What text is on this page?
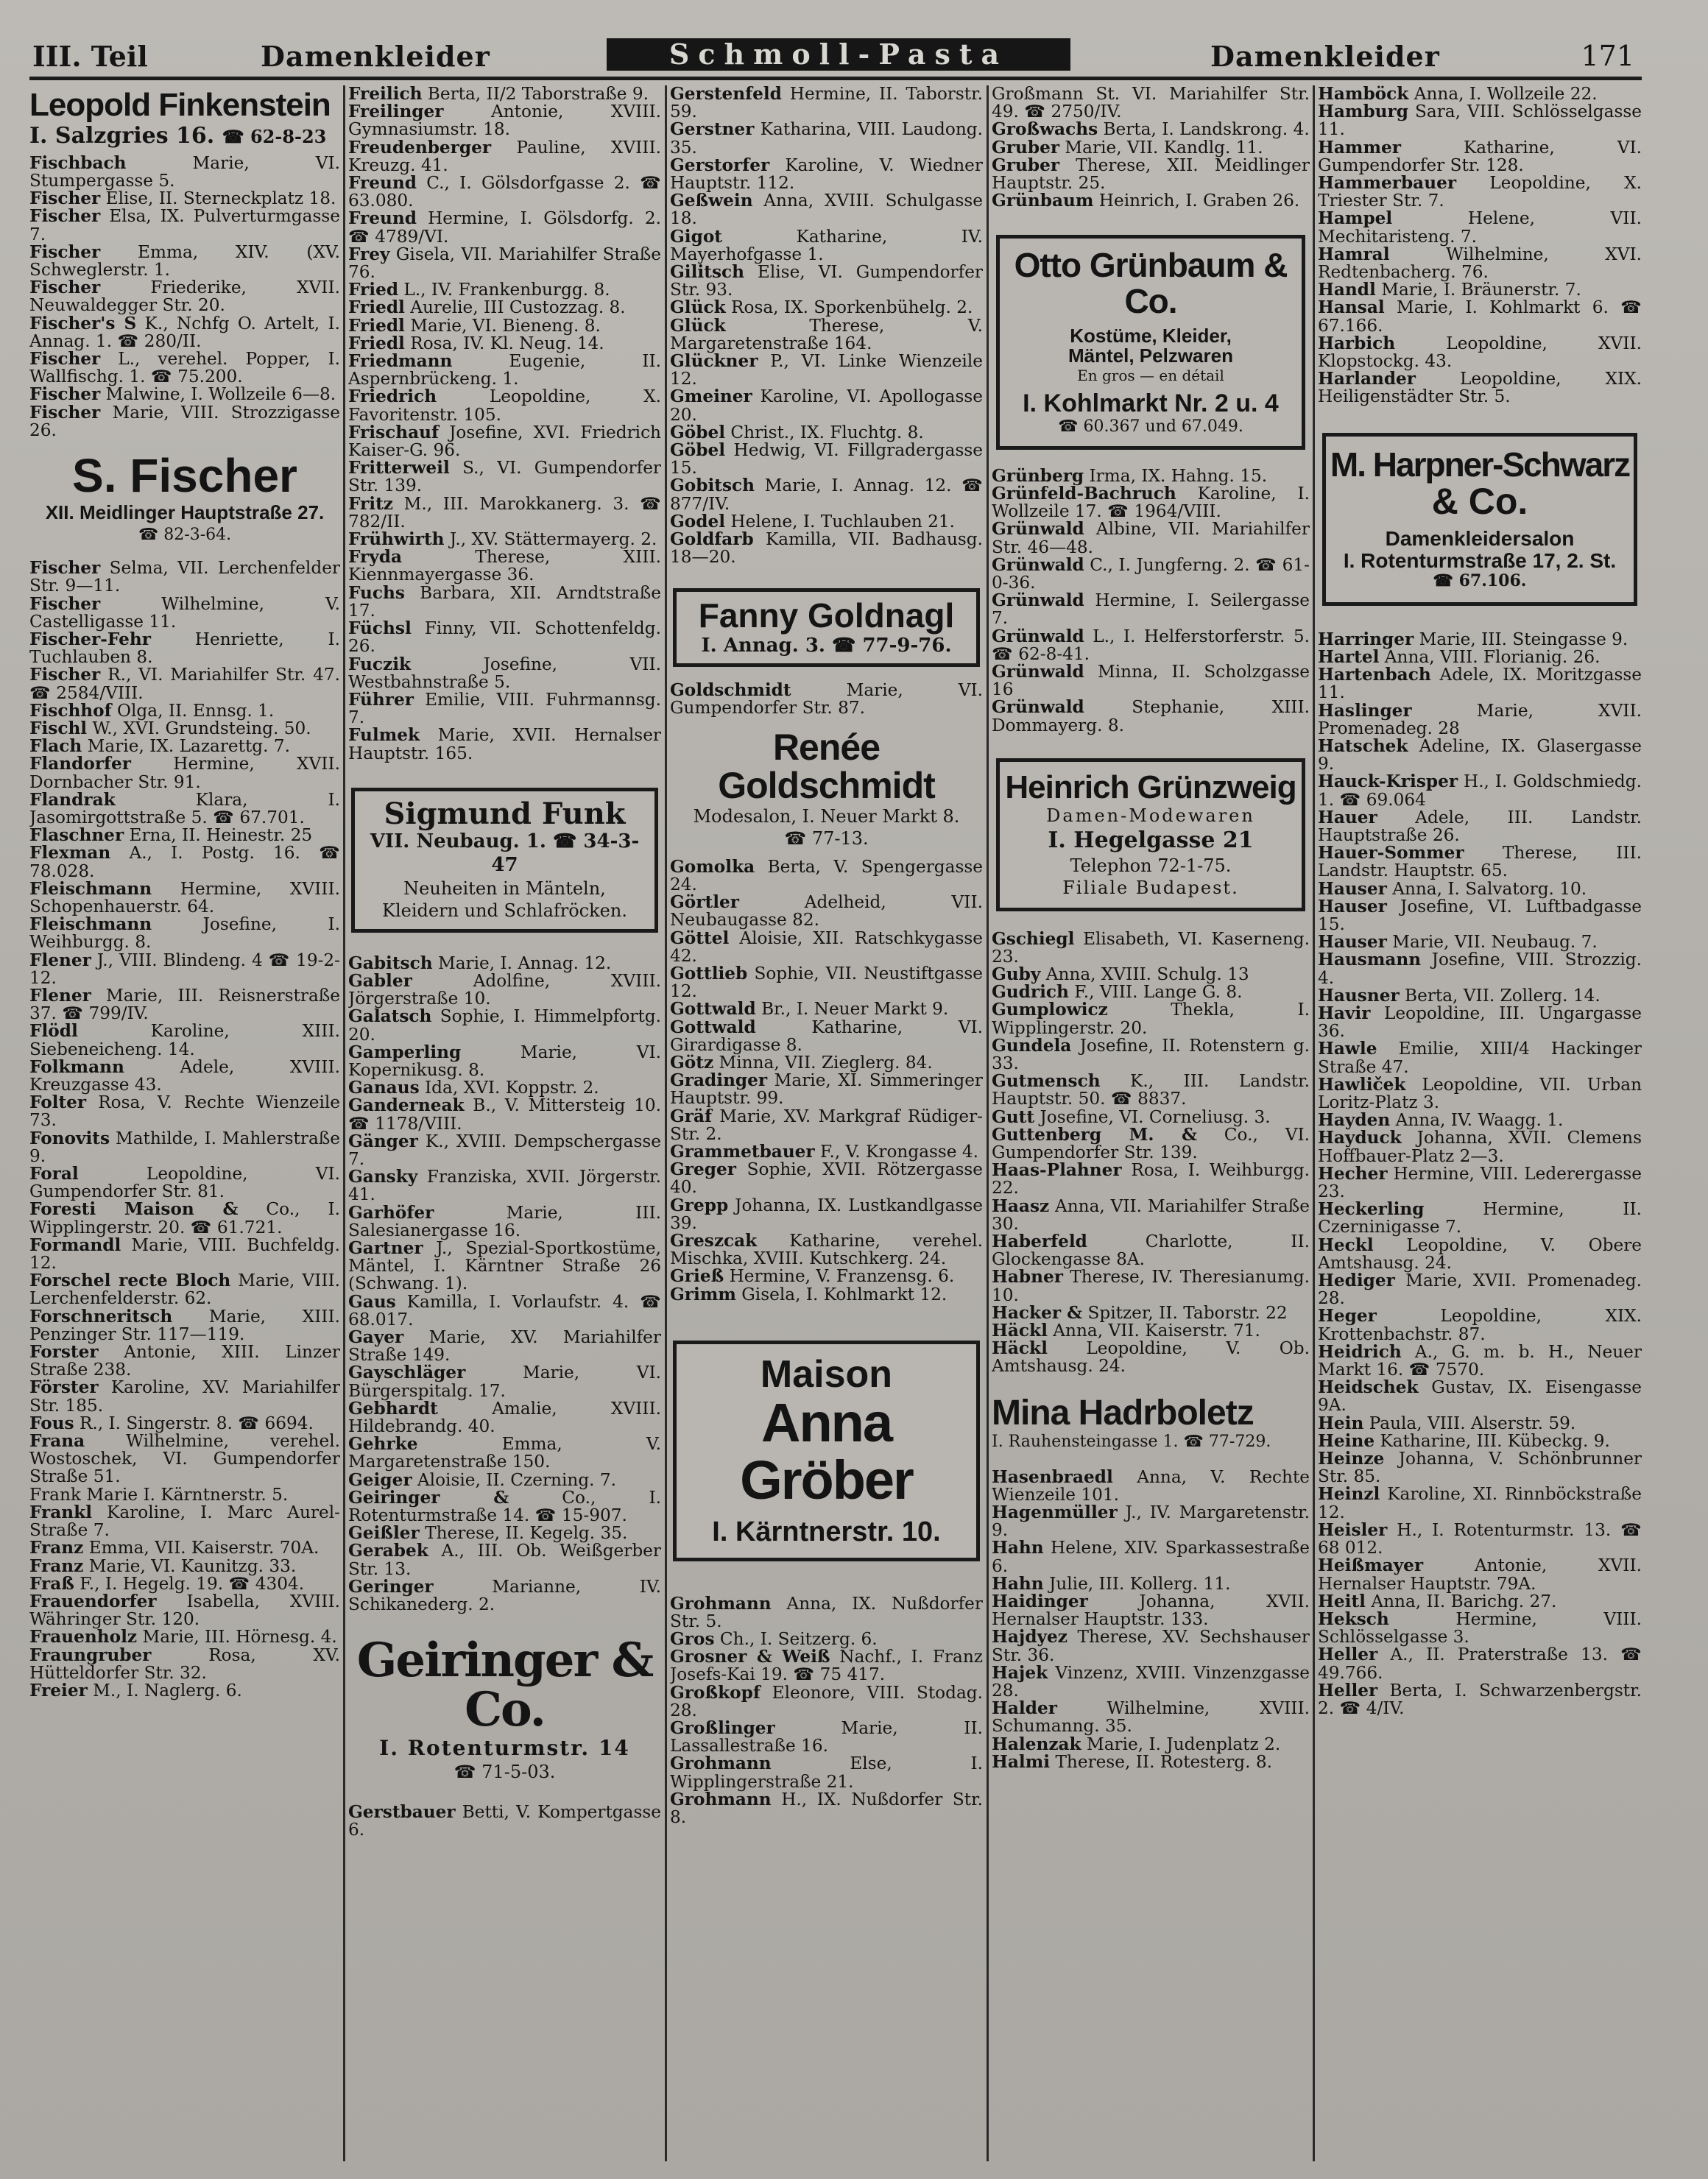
III. Teil	Damenkleider	Schmoll-Pasta	Damenkleider	171
Leopold Finkenstein
I. Salzgries 16. ☎ 62-8-23

Fischbach Marie, VI. Stumpergasse 5.

Fischer Elise, II. Sterneckplatz 18.

Fischer Elsa, IX. Pulverturmgasse 7.

Fischer Emma, XIV. (XV. Schweglerstr. 1.

Fischer Friederike, XVII. Neuwaldegger Str. 20.

Fischer's S K., Nchfg O. Artelt, I. Annag. 1. ☎ 280/II.

Fischer L., verehel. Popper, I. Wallfischg. 1. ☎ 75.200.

Fischer Malwine, I. Wollzeile 6—8.

Fischer Marie, VIII. Strozzigasse 26.

S. Fischer
XII. Meidlinger Hauptstraße 27.
☎ 82-3-64.

Fischer Selma, VII. Lerchenfelder Str. 9—11.

Fischer Wilhelmine, V. Castelligasse 11.

Fischer-Fehr Henriette, I. Tuchlauben 8.

Fischer R., VI. Mariahilfer Str. 47. ☎ 2584/VIII.

Fischhof Olga, II. Ennsg. 1.

Fischl W., XVI. Grundsteing. 50.

Flach Marie, IX. Lazarettg. 7.

Flandorfer Hermine, XVII. Dornbacher Str. 91.

Flandrak Klara, I. Jasomirgottstraße 5. ☎ 67.701.

Flaschner Erna, II. Heinestr. 25

Flexman A., I. Postg. 16. ☎ 78.028.

Fleischmann Hermine, XVIII. Schopenhauerstr. 64.

Fleischmann Josefine, I. Weihburgg. 8.

Flener J., VIII. Blindeng. 4 ☎ 19-2-12.

Flener Marie, III. Reisnerstraße 37. ☎ 799/IV.

Flödl Karoline, XIII. Siebeneicheng. 14.

Folkmann Adele, XVIII. Kreuzgasse 43.

Folter Rosa, V. Rechte Wienzeile 73.

Fonovits Mathilde, I. Mahlerstraße 9.

Foral Leopoldine, VI. Gumpendorfer Str. 81.

Foresti Maison & Co., I. Wipplingerstr. 20. ☎ 61.721.

Formandl Marie, VIII. Buchfeldg. 12.

Forschel recte Bloch Marie, VIII. Lerchenfelderstr. 62.

Forschneritsch Marie, XIII. Penzinger Str. 117—119.

Forster Antonie, XIII. Linzer Straße 238.

Förster Karoline, XV. Mariahilfer Str. 185.

Fous R., I. Singerstr. 8. ☎ 6694.

Frana Wilhelmine, verehel. Wostoschek, VI. Gumpendorfer Straße 51.

Frank Marie I. Kärntnerstr. 5.

Frankl Karoline, I. Marc Aurel-Straße 7.

Franz Emma, VII. Kaiserstr. 70A.

Franz Marie, VI. Kaunitzg. 33.

Fraß F., I. Hegelg. 19. ☎ 4304.

Frauendorfer Isabella, XVIII. Währinger Str. 120.

Frauenholz Marie, III. Hörnesg. 4.

Fraungruber Rosa, XV. Hütteldorfer Str. 32.

Freier M., I. Naglerg. 6.

Freilich Berta, II/2 Taborstraße 9.

Freilinger Antonie, XVIII. Gymnasiumstr. 18.

Freudenberger Pauline, XVIII. Kreuzg. 41.

Freund C., I. Gölsdorfgasse 2. ☎ 63.080.

Freund Hermine, I. Gölsdorfg. 2. ☎ 4789/VI.

Frey Gisela, VII. Mariahilfer Straße 76.

Fried L., IV. Frankenburgg. 8.

Friedl Aurelie, III Custozzag. 8.

Friedl Marie, VI. Bieneng. 8.

Friedl Rosa, IV. Kl. Neug. 14.

Friedmann Eugenie, II. Aspernbrückeng. 1.

Friedrich Leopoldine, X. Favoritenstr. 105.

Frischauf Josefine, XVI. Friedrich Kaiser-G. 96.

Fritterweil S., VI. Gumpendorfer Str. 139.

Fritz M., III. Marokkanerg. 3. ☎ 782/II.

Frühwirth J., XV. Stättermayerg. 2.

Fryda Therese, XIII. Kiennmayergasse 36.

Fuchs Barbara, XII. Arndtstraße 17.

Füchsl Finny, VII. Schottenfeldg. 26.

Fuczik Josefine, VII. Westbahnstraße 5.

Führer Emilie, VIII. Fuhrmannsg. 7.

Fulmek Marie, XVII. Hernalser Hauptstr. 165.

Sigmund Funk
VII. Neubaug. 1. ☎ 34-3-47
Neuheiten in Mänteln,
Kleidern und Schlafröcken.

Gabitsch Marie, I. Annag. 12.

Gabler Adolfine, XVIII. Jörgerstraße 10.

Galatsch Sophie, I. Himmelpfortg. 20.

Gamperling Marie, VI. Kopernikusg. 8.

Ganaus Ida, XVI. Koppstr. 2.

Ganderneak B., V. Mittersteig 10. ☎ 1178/VIII.

Gänger K., XVIII. Dempschergasse 7.

Gansky Franziska, XVII. Jörgerstr. 41.

Garhöfer Marie, III. Salesianergasse 16.

Gartner J., Spezial-Sportkostüme, Mäntel, I. Kärntner Straße 26 (Schwang. 1).

Gaus Kamilla, I. Vorlaufstr. 4. ☎ 68.017.

Gayer Marie, XV. Mariahilfer Straße 149.

Gayschläger Marie, VI. Bürgerspitalg. 17.

Gebhardt Amalie, XVIII. Hildebrandg. 40.

Gehrke Emma, V. Margaretenstraße 150.

Geiger Aloisie, II. Czerning. 7.

Geiringer & Co., I. Rotenturmstraße 14. ☎ 15-907.

Geißler Therese, II. Kegelg. 35.

Gerabek A., III. Ob. Weißgerber Str. 13.

Geringer Marianne, IV. Schikanederg. 2.

Geiringer & Co.
I. Rotenturmstr. 14
☎ 71-5-03.

Gerstbauer Betti, V. Kompertgasse 6.

Gerstenfeld Hermine, II. Taborstr. 59.

Gerstner Katharina, VIII. Laudong. 35.

Gerstorfer Karoline, V. Wiedner Hauptstr. 112.

Geßwein Anna, XVIII. Schulgasse 18.

Gigot Katharine, IV. Mayerhofgasse 1.

Gilitsch Elise, VI. Gumpendorfer Str. 93.

Glück Rosa, IX. Sporkenbühelg. 2.

Glück Therese, V. Margaretenstraße 164.

Glückner P., VI. Linke Wienzeile 12.

Gmeiner Karoline, VI. Apollogasse 20.

Göbel Christ., IX. Fluchtg. 8.

Göbel Hedwig, VI. Fillgradergasse 15.

Gobitsch Marie, I. Annag. 12. ☎ 877/IV.

Godel Helene, I. Tuchlauben 21.

Goldfarb Kamilla, VII. Badhausg. 18—20.

Fanny Goldnagl
I. Annag. 3. ☎ 77-9-76.

Goldschmidt Marie, VI. Gumpendorfer Str. 87.

Renée Goldschmidt
Modesalon, I. Neuer Markt 8.
☎ 77-13.

Gomolka Berta, V. Spengergasse 24.

Görtler Adelheid, VII. Neubaugasse 82.

Göttel Aloisie, XII. Ratschkygasse 42.

Gottlieb Sophie, VII. Neustiftgasse 12.

Gottwald Br., I. Neuer Markt 9.

Gottwald Katharine, VI. Girardigasse 8.

Götz Minna, VII. Zieglerg. 84.

Gradinger Marie, XI. Simmeringer Hauptstr. 99.

Gräf Marie, XV. Markgraf Rüdiger-Str. 2.

Grammetbauer F., V. Krongasse 4.

Greger Sophie, XVII. Rötzergasse 40.

Grepp Johanna, IX. Lustkandlgasse 39.

Greszcak Katharine, verehel. Mischka, XVIII. Kutschkerg. 24.

Grieß Hermine, V. Franzensg. 6.

Grimm Gisela, I. Kohlmarkt 12.

Maison
Anna Gröber
I. Kärntnerstr. 10.

Grohmann Anna, IX. Nußdorfer Str. 5.

Gros Ch., I. Seitzerg. 6.

Grosner & Weiß Nachf., I. Franz Josefs-Kai 19. ☎ 75 417.

Großkopf Eleonore, VIII. Stodag. 28.

Großlinger Marie, II. Lassallestraße 16.

Grohmann Else, I. Wipplingerstraße 21.

Grohmann H., IX. Nußdorfer Str. 8.

Großmann St. VI. Mariahilfer Str. 49. ☎ 2750/IV.

Großwachs Berta, I. Landskrong. 4.

Gruber Marie, VII. Kandlg. 11.

Gruber Therese, XII. Meidlinger Hauptstr. 25.

Grünbaum Heinrich, I. Graben 26.

Otto Grünbaum & Co.
Kostüme, Kleider,
Mäntel, Pelzwaren
En gros — en détail
I. Kohlmarkt Nr. 2 u. 4
☎ 60.367 und 67.049.

Grünberg Irma, IX. Hahng. 15.

Grünfeld-Bachruch Karoline, I. Wollzeile 17. ☎ 1964/VIII.

Grünwald Albine, VII. Mariahilfer Str. 46—48.

Grünwald C., I. Jungferng. 2. ☎ 61-0-36.

Grünwald Hermine, I. Seilergasse 7.

Grünwald L., I. Helferstorferstr. 5. ☎ 62-8-41.

Grünwald Minna, II. Scholzgasse 16

Grünwald Stephanie, XIII. Dommayerg. 8.

Heinrich Grünzweig
Damen-Modewaren
I. Hegelgasse 21
Telephon 72-1-75.
Filiale Budapest.

Gschiegl Elisabeth, VI. Kasernеng. 23.

Guby Anna, XVIII. Schulg. 13

Gudrich F., VIII. Lange G. 8.

Gumplowicz Thekla, I. Wipplingerstr. 20.

Gundela Josefine, II. Rotenstern g. 33.

Gutmensch K., III. Landstr. Hauptstr. 50. ☎ 8837.

Gutt Josefine, VI. Corneliusg. 3.

Guttenberg M. & Co., VI. Gumpendorfer Str. 139.

Haas-Plahner Rosa, I. Weihburgg. 22.

Haasz Anna, VII. Mariahilfer Straße 30.

Haberfeld Charlotte, II. Glockengasse 8A.

Habner Therese, IV. Theresianumg. 10.

Hacker & Spitzer, II. Taborstr. 22

Häckl Anna, VII. Kaiserstr. 71.

Häckl Leopoldine, V. Ob. Amtshausg. 24.

Mina Hadrboletz
I. Rauhensteingasse 1. ☎ 77-729.

Hasenbraedl Anna, V. Rechte Wienzeile 101.

Hagenmüller J., IV. Margaretenstr. 9.

Hahn Helene, XIV. Sparkassestraße 6.

Hahn Julie, III. Kollerg. 11.

Haidinger Johanna, XVII. Hernalser Hauptstr. 133.

Hajdyez Therese, XV. Sechshauser Str. 36.

Hajek Vinzenz, XVIII. Vinzenzgasse 28.

Halder Wilhelmine, XVIII. Schumanng. 35.

Halenzak Marie, I. Judenplatz 2.

Halmi Therese, II. Rotesterg. 8.

Hamböck Anna, I. Wollzeile 22.

Hamburg Sara, VIII. Schlösselgasse 11.

Hammer Katharine, VI. Gumpendorfer Str. 128.

Hammerbauer Leopoldine, X. Triester Str. 7.

Hampel Helene, VII. Mechitaristeng. 7.

Hamral Wilhelmine, XVI. Redtenbacherg. 76.

Handl Marie, I. Bräunerstr. 7.

Hansal Marie, I. Kohlmarkt 6. ☎ 67.166.

Harbich Leopoldine, XVII. Klopstockg. 43.

Harlander Leopoldine, XIX. Heiligenstädter Str. 5.

M. Harpner-Schwarz
& Co.
Damenkleidersalon
I. Rotenturmstraße 17, 2. St.
☎ 67.106.

Harringer Marie, III. Steingasse 9.

Hartel Anna, VIII. Florianig. 26.

Hartenbach Adele, IX. Moritzgasse 11.

Haslinger Marie, XVII. Promenadeg. 28

Hatschek Adeline, IX. Glasergasse 9.

Hauck-Krisper H., I. Goldschmiedg. 1. ☎ 69.064

Hauer Adele, III. Landstr. Hauptstraße 26.

Hauer-Sommer Therese, III. Landstr. Hauptstr. 65.

Hauser Anna, I. Salvatorg. 10.

Hauser Josefine, VI. Luftbadgasse 15.

Hauser Marie, VII. Neubaug. 7.

Hausmann Josefine, VIII. Strozzig. 4.

Hausner Berta, VII. Zollerg. 14.

Havir Leopoldine, III. Ungargasse 36.

Hawle Emilie, XIII/4 Hackinger Straße 47.

Hawliček Leopoldine, VII. Urban Loritz-Platz 3.

Hayden Anna, IV. Waagg. 1.

Hayduck Johanna, XVII. Clemens Hoffbauer-Platz 2—3.

Hecher Hermine, VIII. Lederergasse 23.

Heckerling Hermine, II. Czerninigasse 7.

Heckl Leopoldine, V. Obere Amtshausg. 24.

Hediger Marie, XVII. Promenadeg. 28.

Heger Leopoldine, XIX. Krottenbachstr. 87.

Heidrich A., G. m. b. H., Neuer Markt 16. ☎ 7570.

Heidschek Gustav, IX. Eisengasse 9A.

Hein Paula, VIII. Alserstr. 59.

Heine Katharine, III. Kübeckg. 9.

Heinze Johanna, V. Schönbrunner Str. 85.

Heinzl Karoline, XI. Rinnböckstraße 12.

Heisler H., I. Rotenturmstr. 13. ☎ 68 012.

Heißmayer Antonie, XVII. Hernalser Hauptstr. 79A.

Heitl Anna, II. Barichg. 27.

Heksch Hermine, VIII. Schlösselgasse 3.

Heller A., II. Praterstraße 13. ☎ 49.766.

Heller Berta, I. Schwarzenbergstr. 2. ☎ 4/IV.
